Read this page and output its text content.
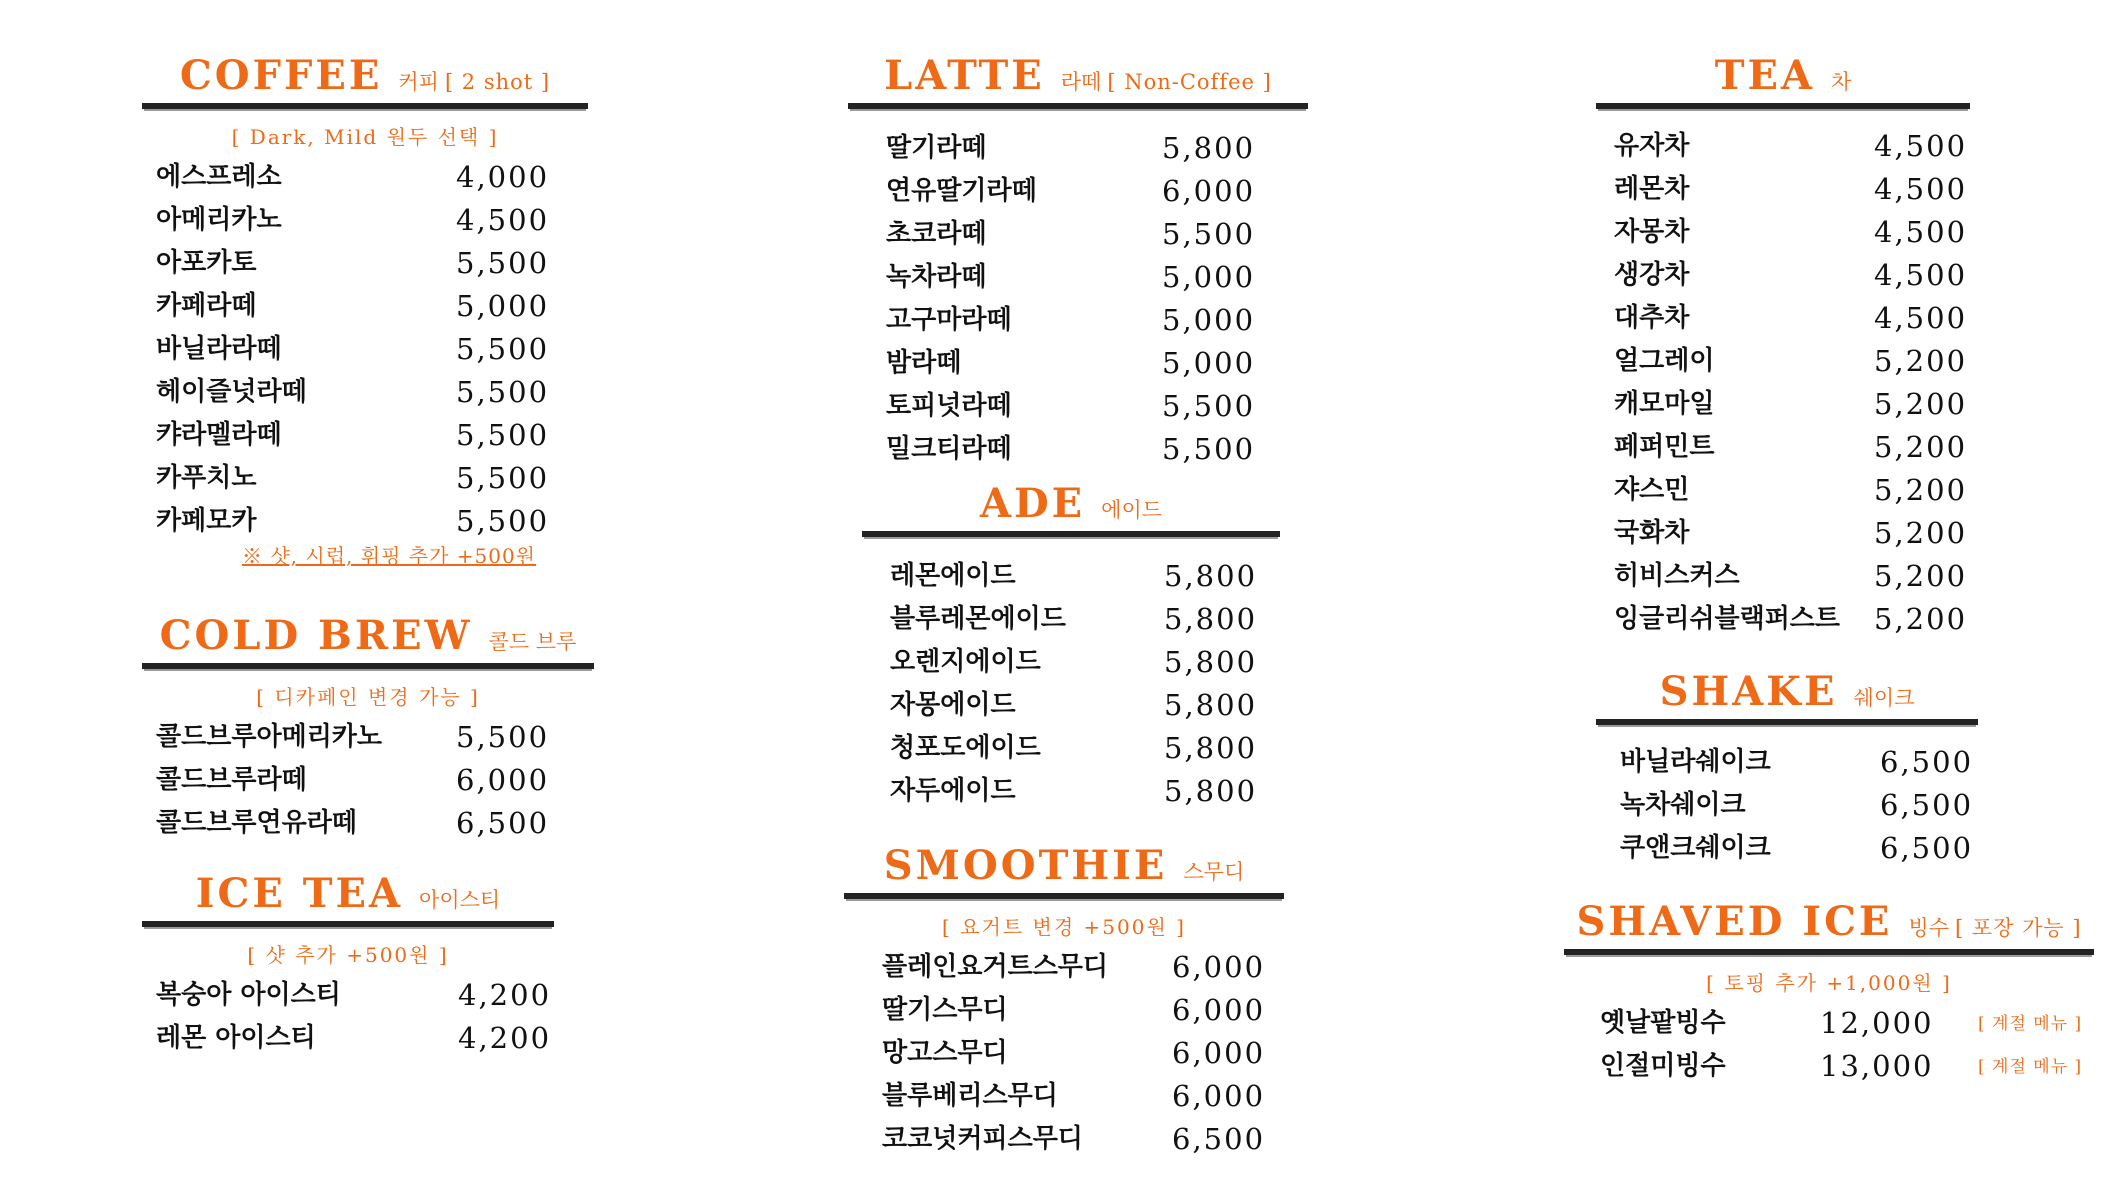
COFFEE 커피 [ 2 shot ]
[ Dark, Mild 원두 선택 ]
에스프레소	4,000
아메리카노	4,500
아포카토	5,500
카페라떼	5,000
바닐라라떼	5,500
헤이즐넛라떼	5,500
캬라멜라떼	5,500
카푸치노	5,500
카페모카	5,500
※ 샷, 시럽, 휘핑 추가 +500원
COLD BREW 콜드 브루
[ 디카페인 변경 가능 ]
콜드브루아메리카노	5,500
콜드브루라떼	6,000
콜드브루연유라떼	6,500
ICE TEA 아이스티
[ 샷 추가 +500원 ]
복숭아 아이스티	4,200
레몬 아이스티	4,200
LATTE 라떼 [ Non-Coffee ]
딸기라떼	5,800
연유딸기라떼	6,000
초코라떼	5,500
녹차라떼	5,000
고구마라떼	5,000
밤라떼	5,000
토피넛라떼	5,500
밀크티라떼	5,500
ADE 에이드
레몬에이드	5,800
블루레몬에이드	5,800
오렌지에이드	5,800
자몽에이드	5,800
청포도에이드	5,800
자두에이드	5,800
SMOOTHIE 스무디
[ 요거트 변경 +500원 ]
플레인요거트스무디 6,000
딸기스무디	6,000
망고스무디	6,000
블루베리스무디	6,000
코코넛커피스무디	6,500
TEA 차
유자차	4,500
레몬차	4,500
자몽차	4,500
생강차	4,500
대추차	4,500
얼그레이	5,200
캐모마일	5,200
페퍼민트	5,200
쟈스민	5,200
국화차	5,200
히비스커스	5,200
잉글리쉬블랙퍼스트 5,200
SHAKE 쉐이크
바닐라쉐이크	6,500
녹차쉐이크	6,500
쿠앤크쉐이크	6,500
SHAVED ICE 빙수 [ 포장 가능 ]
[ 토핑 추가 +1,000원 ]
옛날팥빙수	12,000	[ 계절 메뉴 ]
인절미빙수	13,000	[ 계절 메뉴 ]
